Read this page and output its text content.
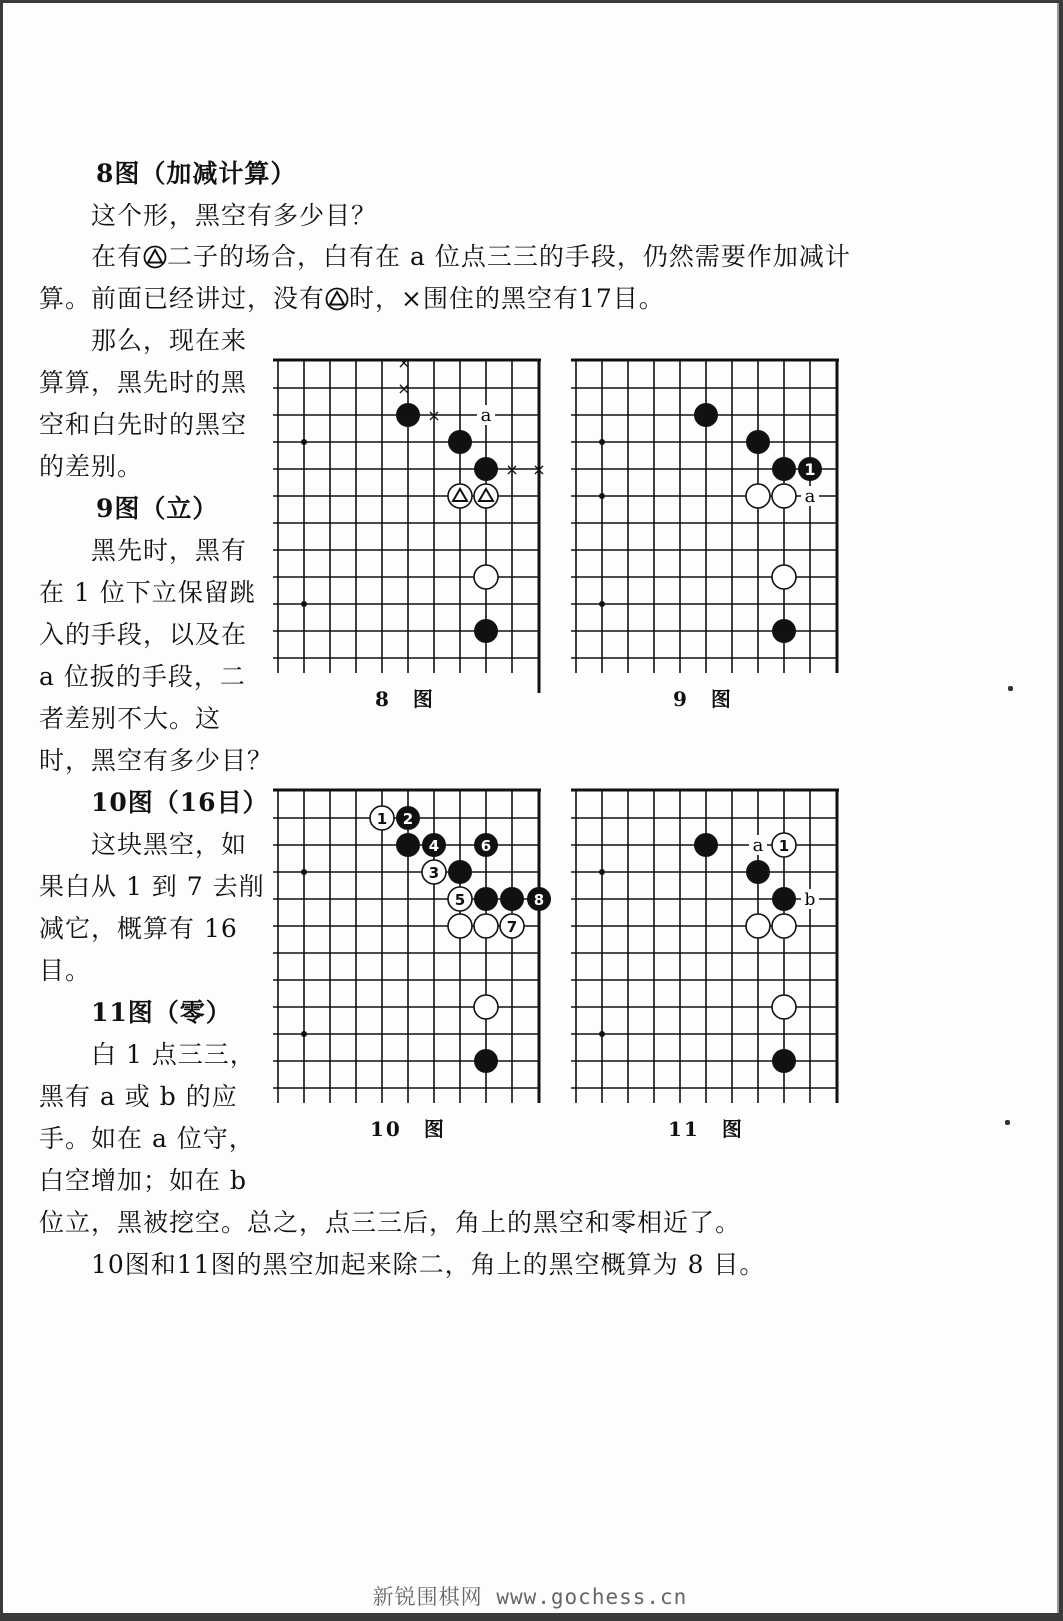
8图（加减计算）
这个形，黑空有多少目？
在有 二子的场合，白有在 a 位点三三的手段，仍然需要作加减计
算。前面已经讲过，没有 时，×围住的黑空有17目。
那么，现在来
算算，黑先时的黑
空和白先时的黑空
的差别。
9图（立）
黑先时，黑有
在 1 位下立保留跳
入的手段，以及在
a 位扳的手段，二
者差别不大。这
时，黑空有多少目？
10图（16目）
这块黑空，如
果白从 1 到 7 去削
减它，概算有 16
目。
11图（零）
白 1 点三三，
黑有 a 或 b 的应
手。如在 a 位守，
白空增加；如在 b
位立，黑被挖空。总之，点三三后，角上的黑空和零相近了。
10图和11图的黑空加起来除二，角上的黑空概算为 8 目。
×
×
×
× ×
a
8　图
1
a
9　图
1 2
4	6
3
5	8
7
10　图
a 1
b
11　图
新锐围棋网 www.gochess.cn
